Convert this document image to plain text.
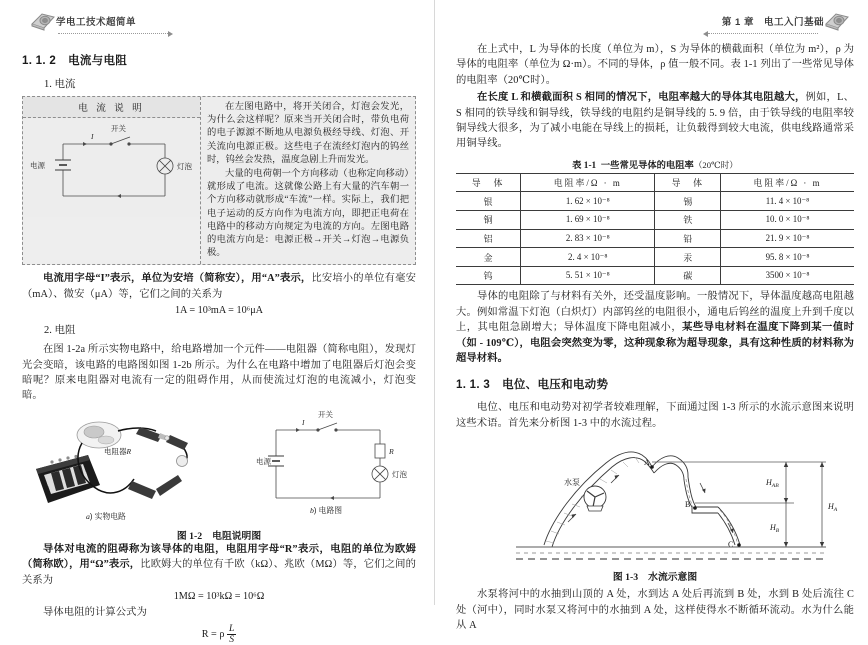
学电工技术超简单
1. 1. 2 电流与电阻
1. 电流
电 流 说 明
I
开关
电源	灯泡

在左图电路中，将开关闭合，灯泡会发光，为什么会这样呢？原来当开关闭合时，带负电荷的电子源源不断地从电源负极经导线、灯泡、开关流向电源正极。这些电子在流经灯泡内的钨丝时，钨丝会发热，温度急剧上升而发光。

大量的电荷朝一个方向移动（也称定向移动）就形成了电流。这就像公路上有大量的汽车朝一个方向移动就形成“车流”一样。实际上，我们把电子运动的反方向作为电流方向，即把正电荷在电路中的移动方向规定为电流的方向。左图电路的电流方向是：电源正极→开关→灯泡→电源负极。

电流用字母“I”表示，单位为安培（简称安），用“A”表示，比安培小的单位有毫安（mA）、微安（μA）等，它们之间的关系为

1A = 10³mA = 10⁶μA
2. 电阻

在图 1-2a 所示实物电路中，给电路增加一个元件——电阻器（简称电阻），发现灯光会变暗，该电路的电路图如图 1-2b 所示。为什么在电路中增加了电阻器后灯泡会变暗呢？原来电阻器对电流有一定的阻碍作用，从而使流过灯泡的电流减小，灯泡变暗。

电阻器R
a) 实物电路
I
开关
电源
R
灯泡
b) 电路图
图 1-2 电阻说明图

导体对电流的阻碍称为该导体的电阻，电阻用字母“R”表示，电阻的单位为欧姆（简称欧），用“Ω”表示，比欧姆大的单位有千欧（kΩ）、兆欧（MΩ）等，它们之间的关系为

1MΩ = 10³kΩ = 10⁶Ω

导体电阻的计算公式为

R = ρ $\frac{L}{S}$
第 1 章　电工入门基础

在上式中，L 为导体的长度（单位为 m），S 为导体的横截面积（单位为 m²），ρ 为导体的电阻率（单位为 Ω·m）。不同的导体，ρ 值一般不同。表 1-1 列出了一些常见导体的电阻率（20℃时）。

在长度 L 和横截面积 S 相同的情况下，电阻率越大的导体其电阻越大，例如，L、S 相同的铁导线和铜导线，铁导线的电阻约是铜导线的 5. 9 倍，由于铁导线的电阻率较铜导线大很多，为了减小电能在导线上的损耗，让负载得到较大电流，供电线路通常采用铜导线。

表 1-1 一些常见导体的电阻率（20℃时）
导　体	电阻率/Ω · m	导　体	电阻率/Ω · m
银	1. 62 × 10⁻⁸	锡	11. 4 × 10⁻⁸
铜	1. 69 × 10⁻⁸	铁	10. 0 × 10⁻⁸
铝	2. 83 × 10⁻⁸	铅	21. 9 × 10⁻⁸
金	2. 4 × 10⁻⁸	汞	95. 8 × 10⁻⁸
钨	5. 51 × 10⁻⁸	碳	3500 × 10⁻⁸

导体的电阻除了与材料有关外，还受温度影响。一般情况下，导体温度越高电阻越大。例如常温下灯泡（白炽灯）内部钨丝的电阻很小，通电后钨丝的温度上升到千度以上，其电阻急剧增大；导体温度下降电阻减小，某些导电材料在温度下降到某一值时（如 - 109℃），电阻会突然变为零，这种现象称为超导现象，具有这种性质的材料称为超导材料。

1. 1. 3 电位、电压和电动势

电位、电压和电动势对初学者较难理解，下面通过图 1-3 所示的水流示意图来说明这些术语。首先来分析图 1-3 中的水流过程。

水泵
A
B
C
$H_{AB}$
$H_B$
$H_A$
图 1-3 水流示意图

水泵将河中的水抽到山顶的 A 处，水到达 A 处后再流到 B 处，水到 B 处后流往 C 处（河中），同时水泵又将河中的水抽到 A 处，这样使得水不断循环流动。水为什么能从 A
